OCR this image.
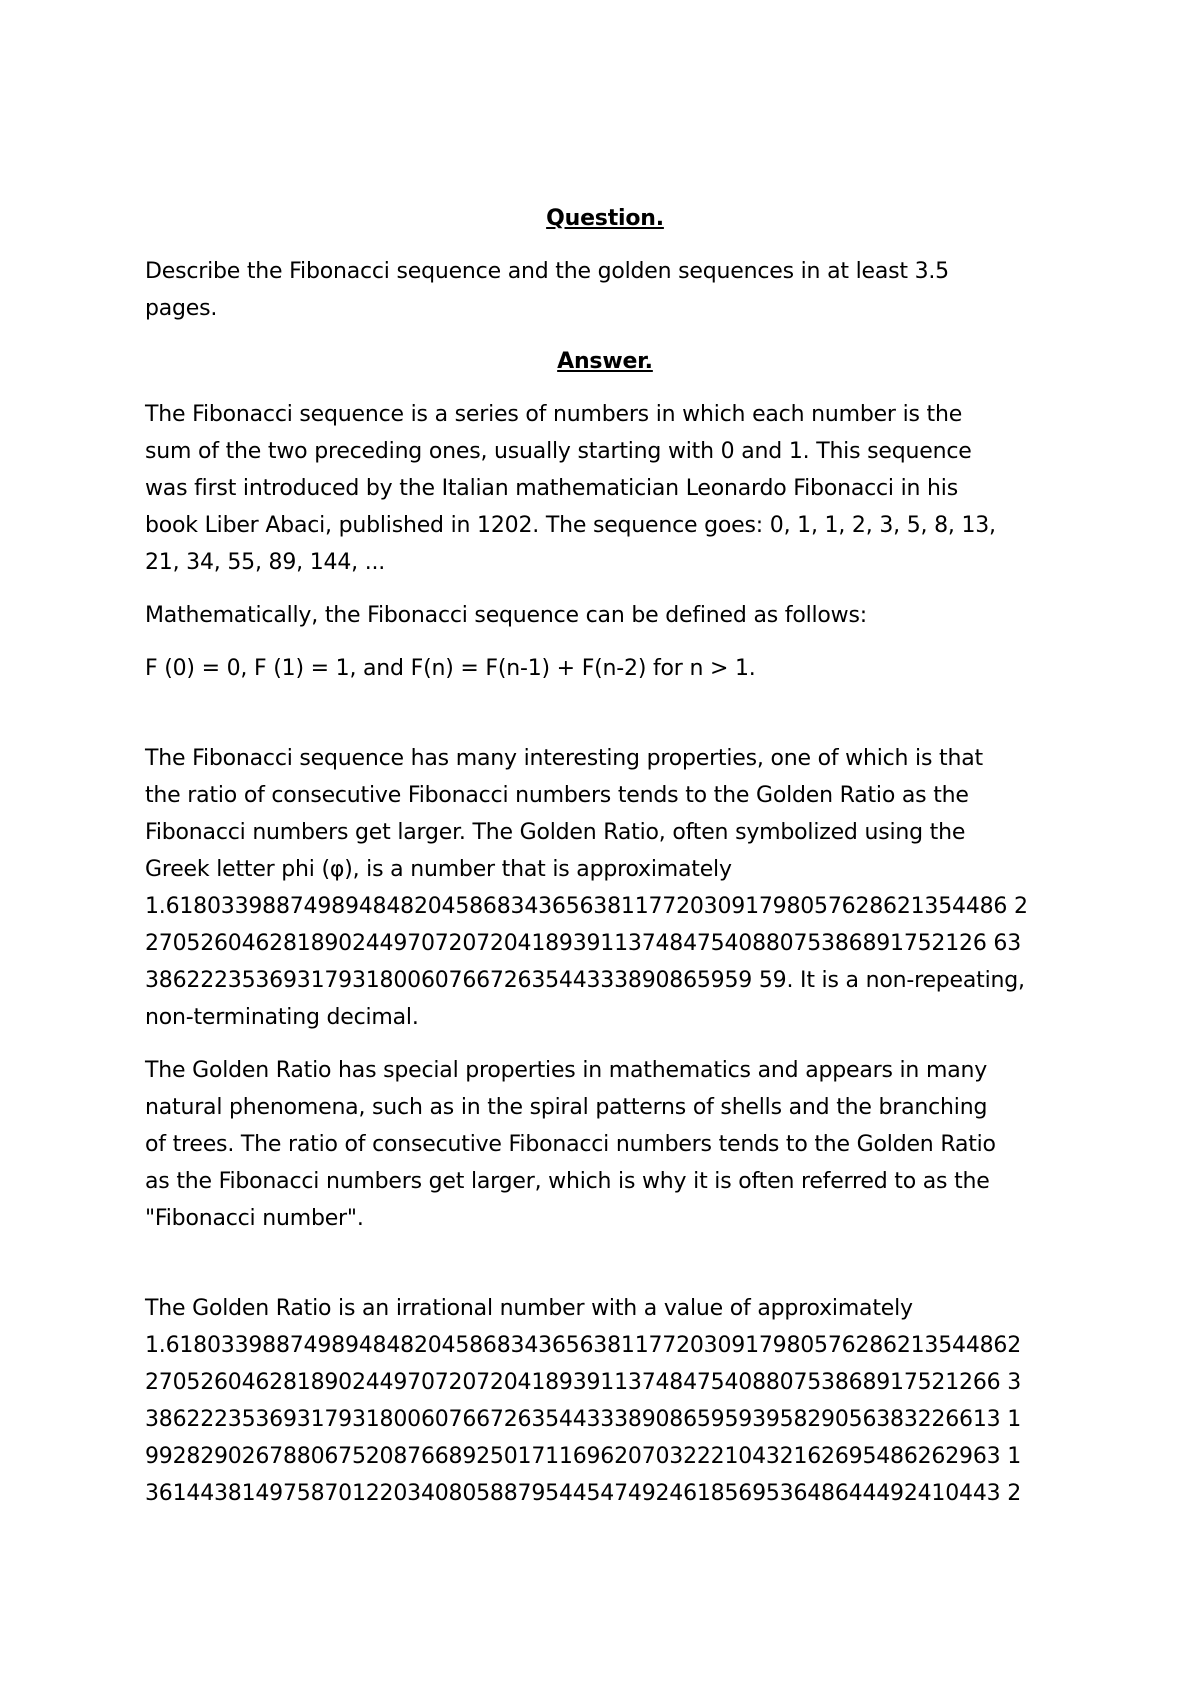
Question.

Describe the Fibonacci sequence and the golden sequences in at least 3.5
pages.

Answer.

The Fibonacci sequence is a series of numbers in which each number is the
sum of the two preceding ones, usually starting with 0 and 1. This sequence
was first introduced by the Italian mathematician Leonardo Fibonacci in his
book Liber Abaci, published in 1202. The sequence goes: 0, 1, 1, 2, 3, 5, 8, 13,
21, 34, 55, 89, 144, ...

Mathematically, the Fibonacci sequence can be defined as follows:

F (0) = 0, F (1) = 1, and F(n) = F(n-1) + F(n-2) for n > 1.

The Fibonacci sequence has many interesting properties, one of which is that
the ratio of consecutive Fibonacci numbers tends to the Golden Ratio as the
Fibonacci numbers get larger. The Golden Ratio, often symbolized using the
Greek letter phi (φ), is a number that is approximately
1.6180339887498948482045868343656381177203091798057628621354486 2
2705260462818902449707207204189391137484754088075386891752126 63
38622235369317931800607667263544333890865959 59. It is a non-repeating,
non-terminating decimal.

The Golden Ratio has special properties in mathematics and appears in many
natural phenomena, such as in the spiral patterns of shells and the branching
of trees. The ratio of consecutive Fibonacci numbers tends to the Golden Ratio
as the Fibonacci numbers get larger, which is why it is often referred to as the
"Fibonacci number".

The Golden Ratio is an irrational number with a value of approximately
1.61803398874989484820458683436563811772030917980576286213544862
27052604628189024497072072041893911374847540880753868917521266 3
38622235369317931800607667263544333890865959395829056383226613 1
99282902678806752087668925017116962070322210432162695486262963 1
36144381497587012203408058879544547492461856953648644492410443 2
